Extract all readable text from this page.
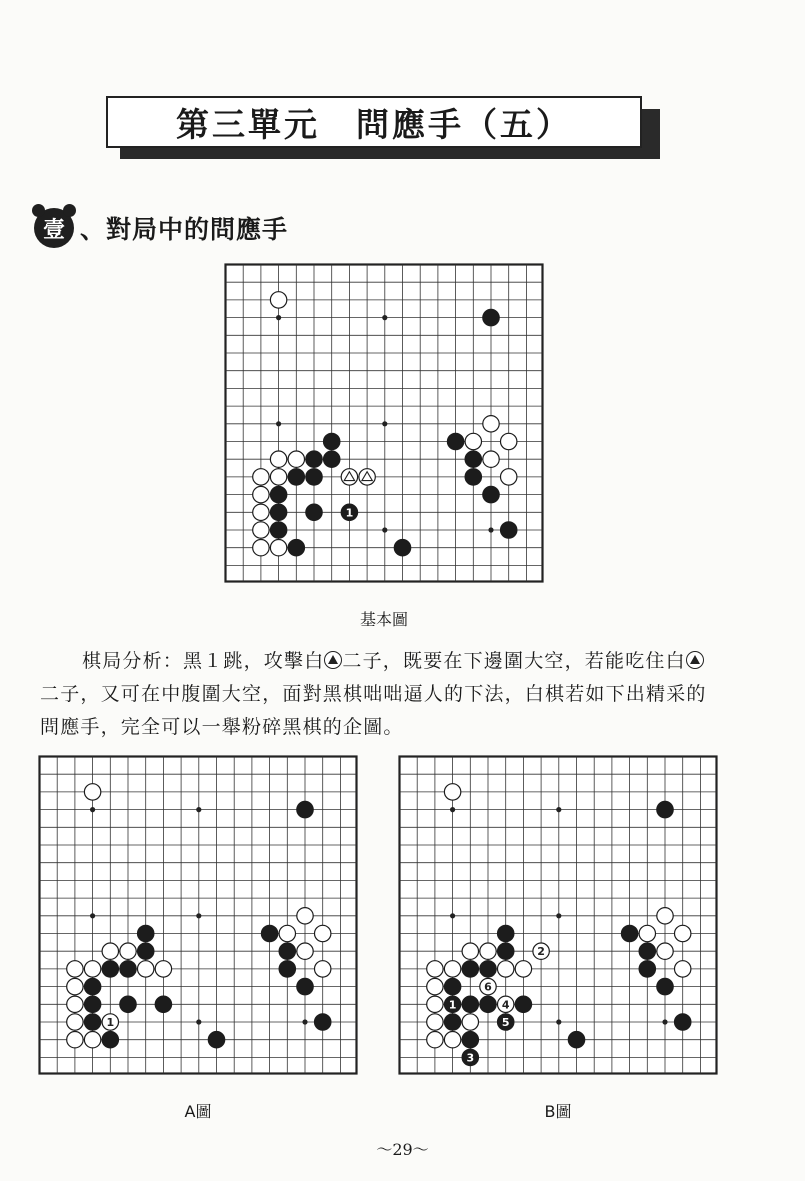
第三單元　問應手（五）
壹 、對局中的問應手
1
基本圖

棋局分析：黑１跳，攻擊白 二子，既要在下邊圍大空，若能吃住白

二子，又可在中腹圍大空，面對黑棋咄咄逼人的下法，白棋若如下出精采的

問應手，完全可以一舉粉碎黑棋的企圖。

1
A圖
2
6
1	4
5
3
B圖
～29～
